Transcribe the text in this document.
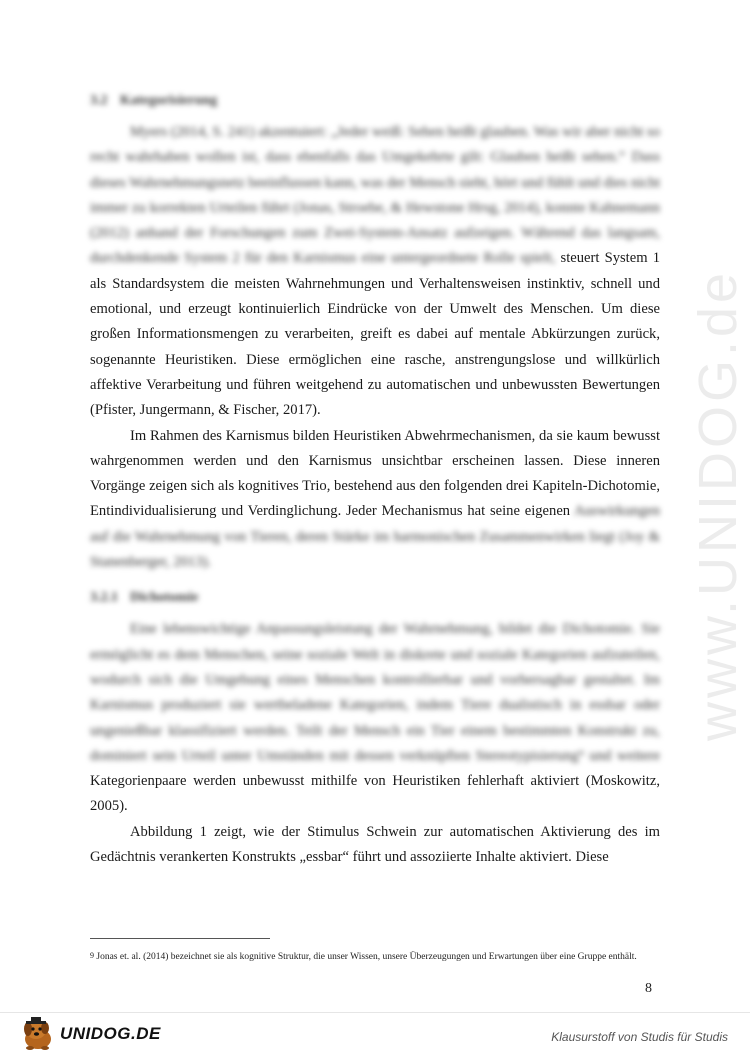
www.UNIDOG.de
3.2 Kategorisierung

Myers (2014, S. 241) akzentuiert: „Jeder weiß: Sehen heißt glauben. Was wir aber nicht so recht wahrhaben wollen ist, dass ebenfalls das Umgekehrte gilt: Glauben heißt sehen.“ Dass dieses Wahrnehmungsnetz beeinflussen kann, was der Mensch sieht, hört und fühlt und dies nicht immer zu korrekten Urteilen führt (Jonas, Stroebe, & Hewstone Hrsg, 2014), konnte Kahnemann (2012) anhand der Forschungen zum Zwei-System-Ansatz aufzeigen. Während das langsam, durchdenkende System 2 für den Karnismus eine untergeordnete Rolle spielt, steuert System 1 als Standardsystem die meisten Wahrnehmungen und Verhaltensweisen instinktiv, schnell und emotional, und erzeugt kontinuierlich Eindrücke von der Umwelt des Menschen. Um diese großen Informationsmengen zu verarbeiten, greift es dabei auf mentale Abkürzungen zurück, sogenannte Heuristiken. Diese ermöglichen eine rasche, anstrengungslose und willkürlich affektive Verarbeitung und führen weitgehend zu automatischen und unbewussten Bewertungen (Pfister, Jungermann, & Fischer, 2017).

Im Rahmen des Karnismus bilden Heuristiken Abwehrmechanismen, da sie kaum bewusst wahrgenommen werden und den Karnismus unsichtbar erscheinen lassen. Diese inneren Vorgänge zeigen sich als kognitives Trio, bestehend aus den folgenden drei Kapiteln-Dichotomie, Entindividualisierung und Verdinglichung. Jeder Mechanismus hat seine eigenen Auswirkungen auf die Wahrnehmung von Tieren, deren Stärke im harmonischen Zusammenwirken liegt (Joy & Stanenberger, 2013).

3.2.1 Dichotomie

Eine lebenswichtige Anpassungsleistung der Wahrnehmung, bildet die Dichotomie. Sie ermöglicht es dem Menschen, seine soziale Welt in diskrete und soziale Kategorien aufzuteilen, wodurch sich die Umgebung eines Menschen kontrollierbar und vorhersagbar gestaltet. Im Karnismus produziert sie wertbeladene Kategorien, indem Tiere dualistisch in essbar oder ungenießbar klassifiziert werden. Teilt der Mensch ein Tier einem bestimmten Konstrukt zu, dominiert sein Urteil unter Umständen mit dessen verknüpften Stereotypisierung⁹ und weitere Kategorienpaare werden unbewusst mithilfe von Heuristiken fehlerhaft aktiviert (Moskowitz, 2005).

Abbildung 1 zeigt, wie der Stimulus Schwein zur automatischen Aktivierung des im Gedächtnis verankerten Konstrukts „essbar“ führt und assoziierte Inhalte aktiviert. Diese

$^9$ Jonas et. al. (2014) bezeichnet sie als kognitive Struktur, die unser Wissen, unsere Überzeugungen und Erwartungen über eine Gruppe enthält.
8
UNIDOG.DE	Klausurstoff von Studis für Studis
